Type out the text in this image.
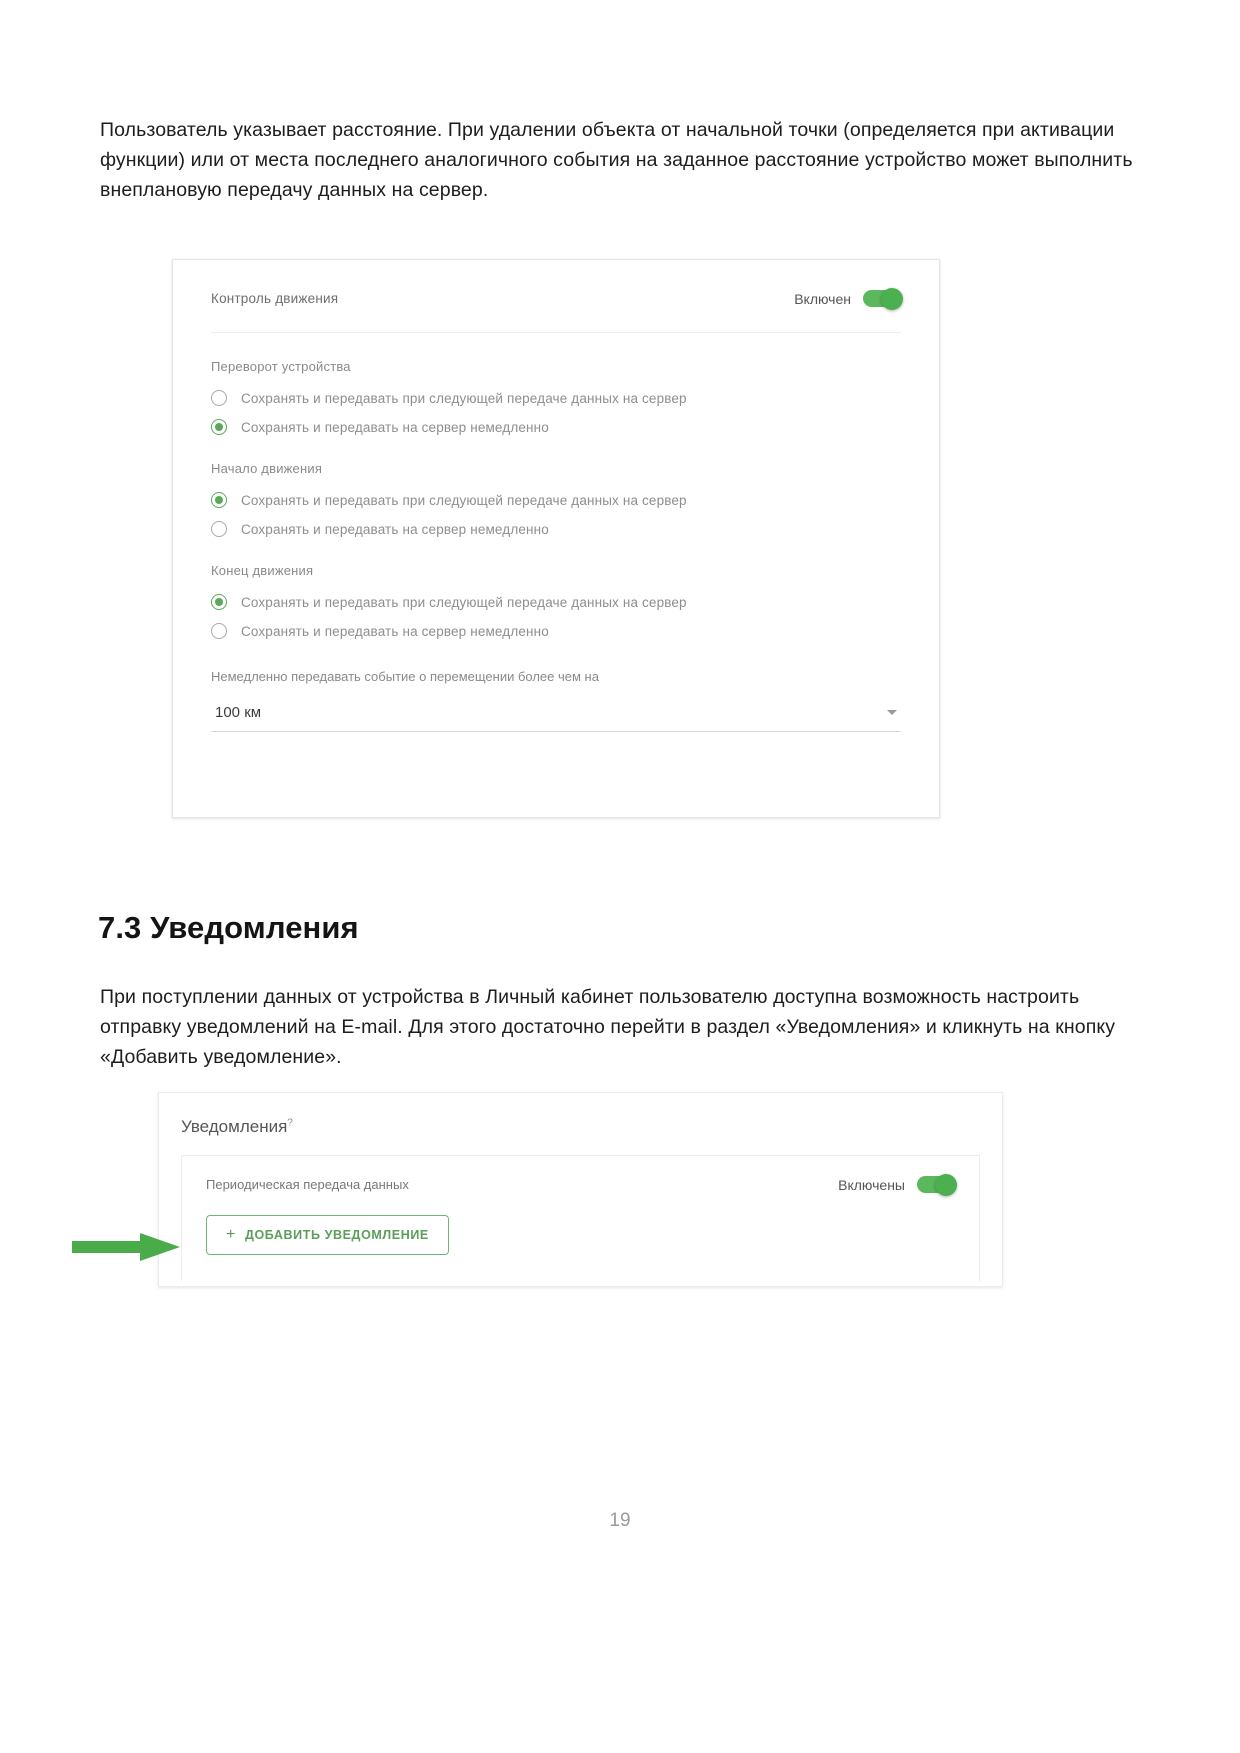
Пользователь указывает расстояние. При удалении объекта от начальной точки (определяется при активации функции) или от места последнего аналогичного события на заданное расстояние устройство может выполнить внеплановую передачу данных на сервер.

Контроль движения	Включен
Переворот устройства
Сохранять и передавать при следующей передаче данных на сервер
Сохранять и передавать на сервер немедленно
Начало движения
Сохранять и передавать при следующей передаче данных на сервер
Сохранять и передавать на сервер немедленно
Конец движения
Сохранять и передавать при следующей передаче данных на сервер
Сохранять и передавать на сервер немедленно
Немедленно передавать событие о перемещении более чем на
100 км
7.3 Уведомления

При поступлении данных от устройства в Личный кабинет пользователю доступна возможность настроить отправку уведомлений на E-mail. Для этого достаточно перейти в раздел «Уведомления» и кликнуть на кнопку «Добавить уведомление».

Уведомления?
Периодическая передача данных	Включены
+ ДОБАВИТЬ УВЕДОМЛЕНИЕ
19
